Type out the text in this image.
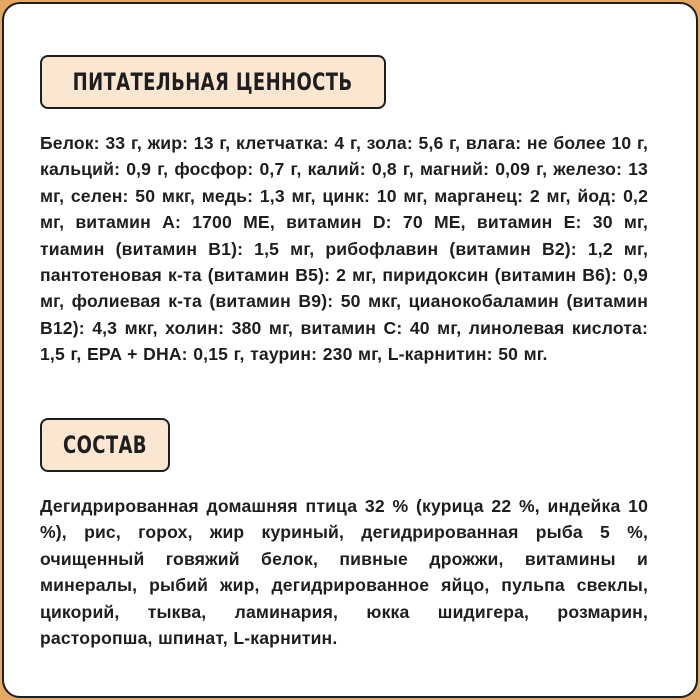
ПИТАТЕЛЬНАЯ ЦЕННОСТЬ

Белок: 33 г, жир: 13 г, клетчатка: 4 г, зола: 5,6 г, влага: не более 10 г, кальций: 0,9 г, фосфор: 0,7 г, калий: 0,8 г, магний: 0,09 г, железо: 13 мг, селен: 50 мкг, медь: 1,3 мг, цинк: 10 мг, марганец: 2 мг, йод: 0,2 мг, витамин A: 1700 МЕ, витамин D: 70 МЕ, витамин E: 30 мг, тиамин (витамин B1): 1,5 мг, рибофлавин (витамин B2): 1,2 мг, пантотеновая к-та (витамин B5): 2 мг, пиридоксин (витамин B6): 0,9 мг, фолиевая к-та (витамин B9): 50 мкг, цианокобаламин (витамин B12): 4,3 мкг, холин: 380 мг, витамин C: 40 мг, линолевая кислота: 1,5 г, EPA + DHA: 0,15 г, таурин: 230 мг, L-карнитин: 50 мг.

СОСТАВ

Дегидрированная домашняя птица 32 % (курица 22 %, индейка 10 %), рис, горох, жир куриный, дегидрированная рыба 5 %, очищенный говяжий белок, пивные дрожжи, витамины и минералы, рыбий жир, дегидрированное яйцо, пульпа свеклы, цикорий, тыква, ламинария, юкка шидигера, розмарин, расторопша, шпинат, L-карнитин.
